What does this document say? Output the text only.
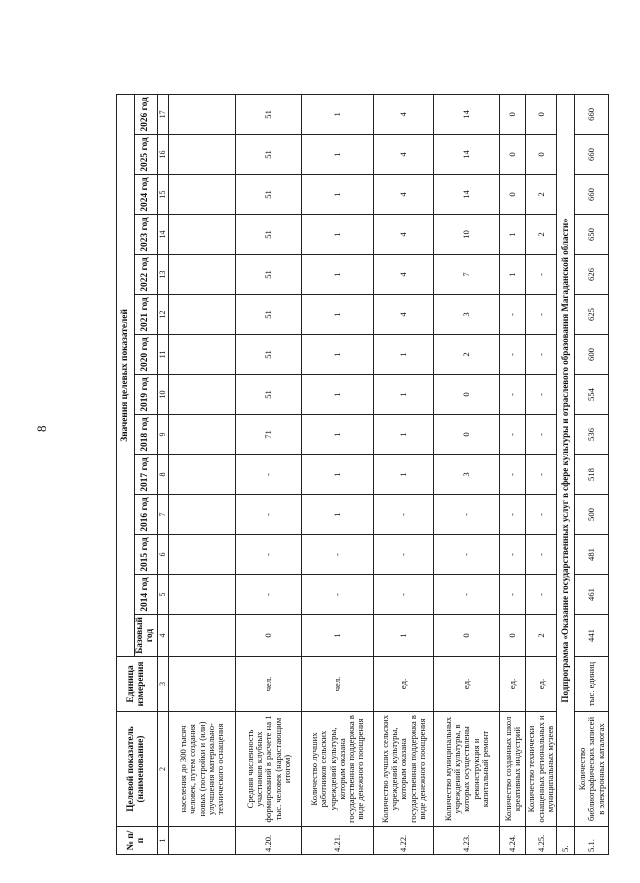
8
№ п/п	Целевой показатель (наименование)	Единица измерения	Значения целевых показателей													
			Базовый год	2014 год	2015 год	2016 год	2017 год	2018 год	2019 год	2020 год	2021 год	2022 год	2023 год	2024 год	2025 год	2026 год
1	2	3	4	5	6	7	8	9	10	11	12	13	14	15	16	17
	населения до 300 тысяч человек, путем создания новых (постройки и (или) улучшения материально-технического оснащения															
4.20.	Средняя численность участников клубных формирований в расчете на 1 тыс. человек (нарастающим итогом)	чел.	0	-	-	-	-	71	51	51	51	51	51	51	51	51
4.21.	Количество лучших работников сельских учреждений культуры, которым оказана государственная поддержка в виде денежного поощрения	чел.	1	-	-	1	1	1	1	1	1	1	1	1	1	1
4.22.	Количество лучших сельских учреждений культуры, которым оказана государственная поддержка в виде денежного поощрения	ед.	1	-	-	-	1	1	1	1	4	4	4	4	4	4
4.23.	Количество муниципальных учреждений культуры, в которых осуществлены реконструкция и капитальный ремонт	ед.	0	-	-	-	3	0	0	2	3	7	10	14	14	14
4.24.	Количество созданных школ креативных индустрий	ед.	0	-	-	-	-	-	-	-	-	1	1	0	0	0
4.25.	Количество технически оснащенных региональных и муниципальных музеев	ед.	2	-	-	-	-	-	-	-	-	-	2	2	0	0
5.	Подпрограмма «Оказание государственных услуг в сфере культуры и отраслевого образования Магаданской области»															
5.1.	Количество библиографических записей в электронных каталогах	тыс. единиц	441	461	481	500	518	536	554	600	625	626	650	660	660	660
